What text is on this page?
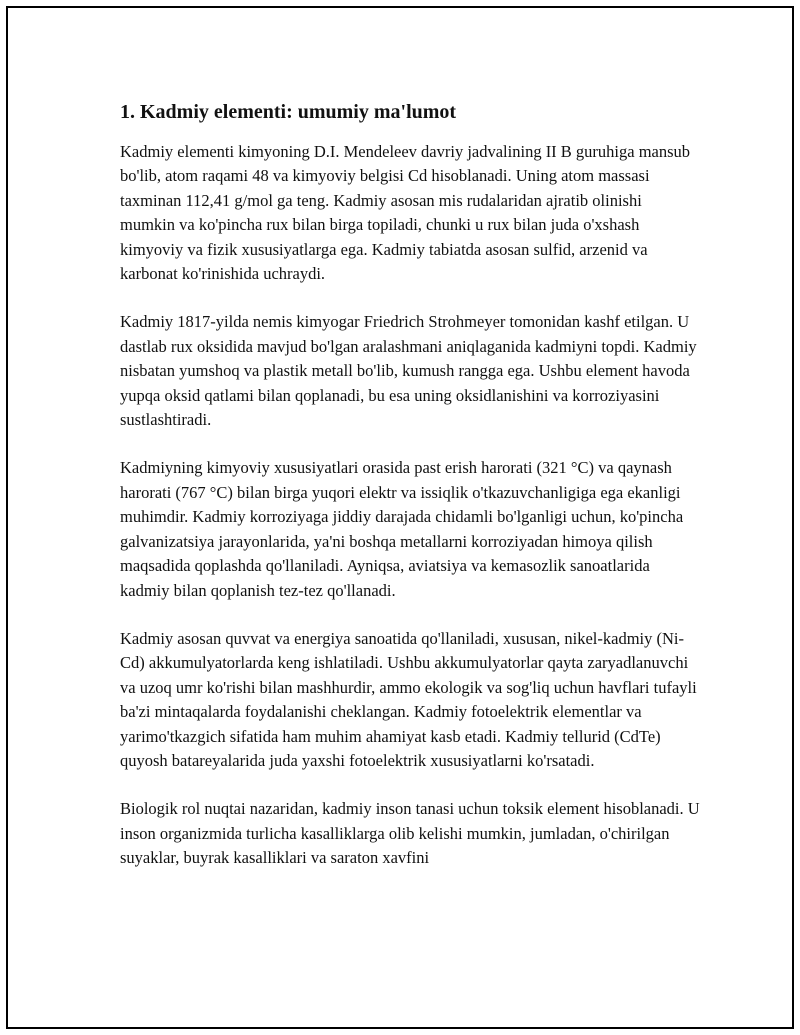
1. Kadmiy elementi: umumiy ma'lumot

Kadmiy elementi kimyoning D.I. Mendeleev davriy jadvalining II B guruhiga mansub bo'lib, atom raqami 48 va kimyoviy belgisi Cd hisoblanadi. Uning atom massasi taxminan 112,41 g/mol ga teng. Kadmiy asosan mis rudalaridan ajratib olinishi mumkin va ko'pincha rux bilan birga topiladi, chunki u rux bilan juda o'xshash kimyoviy va fizik xususiyatlarga ega. Kadmiy tabiatda asosan sulfid, arzenid va karbonat ko'rinishida uchraydi.

Kadmiy 1817-yilda nemis kimyogar Friedrich Strohmeyer tomonidan kashf etilgan. U dastlab rux oksidida mavjud bo'lgan aralashmani aniqlaganida kadmiyni topdi. Kadmiy nisbatan yumshoq va plastik metall bo'lib, kumush rangga ega. Ushbu element havoda yupqa oksid qatlami bilan qoplanadi, bu esa uning oksidlanishini va korroziyasini sustlashtiradi.

Kadmiyning kimyoviy xususiyatlari orasida past erish harorati (321 °C) va qaynash harorati (767 °C) bilan birga yuqori elektr va issiqlik o'tkazuvchanligiga ega ekanligi muhimdir. Kadmiy korroziyaga jiddiy darajada chidamli bo'lganligi uchun, ko'pincha galvanizatsiya jarayonlarida, ya'ni boshqa metallarni korroziyadan himoya qilish maqsadida qoplashda qo'llaniladi. Ayniqsa, aviatsiya va kemasozlik sanoatlarida kadmiy bilan qoplanish tez-tez qo'llanadi.

Kadmiy asosan quvvat va energiya sanoatida qo'llaniladi, xususan, nikel-kadmiy (Ni-Cd) akkumulyatorlarda keng ishlatiladi. Ushbu akkumulyatorlar qayta zaryadlanuvchi va uzoq umr ko'rishi bilan mashhurdir, ammo ekologik va sog'liq uchun havflari tufayli ba'zi mintaqalarda foydalanishi cheklangan. Kadmiy fotoelektrik elementlar va yarimo'tkazgich sifatida ham muhim ahamiyat kasb etadi. Kadmiy tellurid (CdTe) quyosh batareyalarida juda yaxshi fotoelektrik xususiyatlarni ko'rsatadi.

Biologik rol nuqtai nazaridan, kadmiy inson tanasi uchun toksik element hisoblanadi. U inson organizmida turlicha kasalliklarga olib kelishi mumkin, jumladan, o'chirilgan suyaklar, buyrak kasalliklari va saraton xavfini
